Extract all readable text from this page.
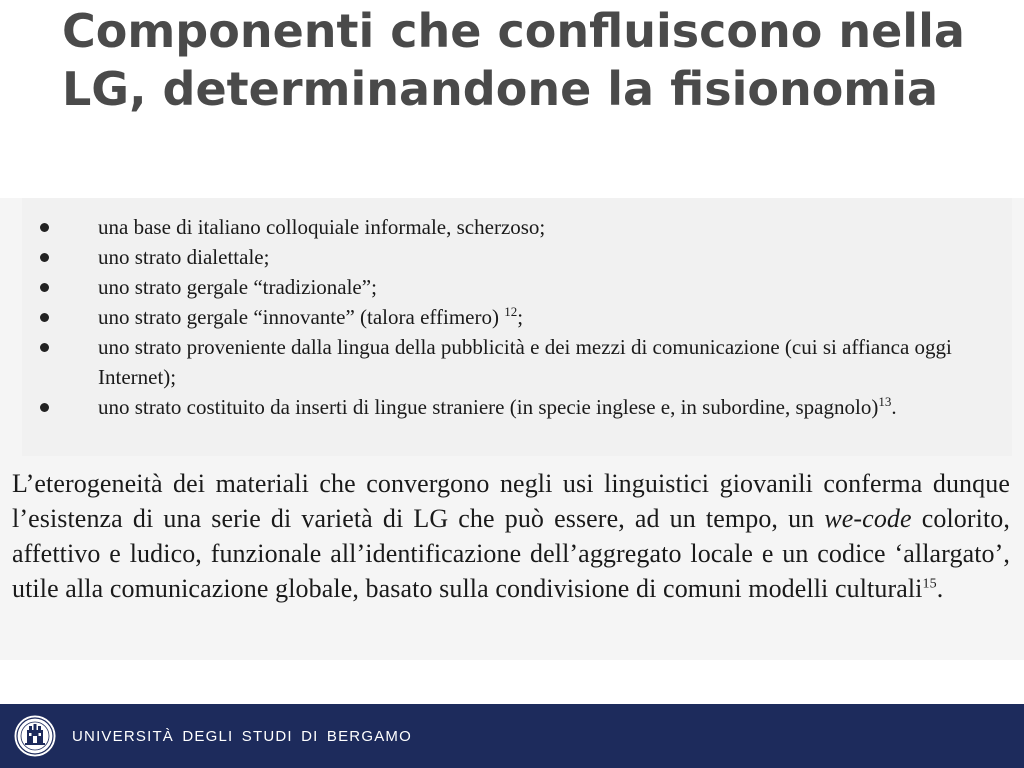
Componenti che confluiscono nella LG, determinandone la fisionomia
una base di italiano colloquiale informale, scherzoso;
uno strato dialettale;
uno strato gergale “tradizionale”;
uno strato gergale “innovante” (talora effimero) $^{12}$;
uno strato proveniente dalla lingua della pubblicità e dei mezzi di comunicazione (cui si affianca oggi Internet);
uno strato costituito da inserti di lingue straniere (in specie inglese e, in subordine, spagnolo)$^{13}$.

L’eterogeneità dei materiali che convergono negli usi linguistici giovanili conferma dunque l’esistenza di una serie di varietà di LG che può essere, ad un tempo, un we-code colorito, affettivo e ludico, funzionale all’identificazione dell’aggregato locale e un codice ‘allargato’, utile alla comunicazione globale, basato sulla condivisione di comuni modelli culturali$^{15}$.

UNIVERSITÀ DEGLI STUDI DI BERGAMO
